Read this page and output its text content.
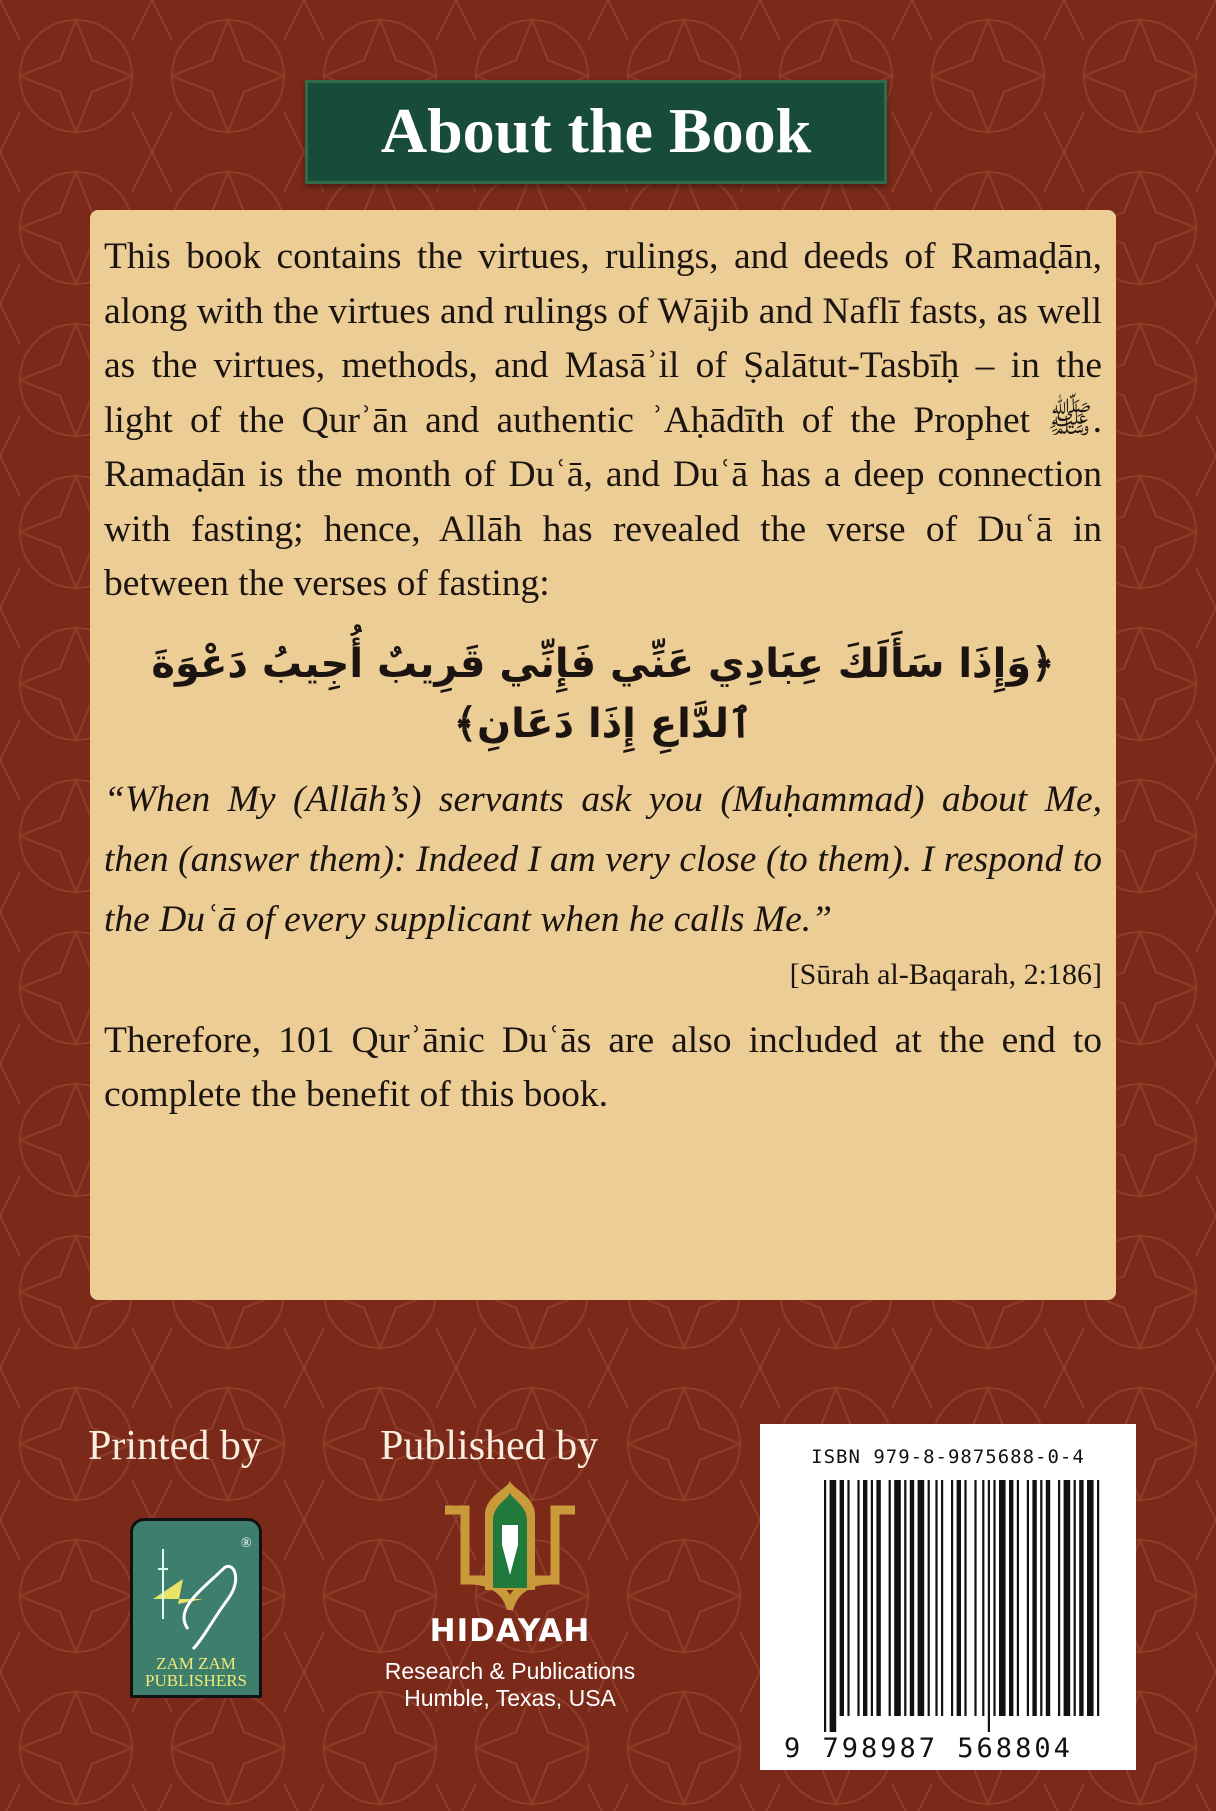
About the Book

This book contains the virtues, rulings, and deeds of Ramaḍān, along with the virtues and rulings of Wājib and Naflī fasts, as well as the virtues, methods, and Masāʾil of Ṣalātut-Tasbīḥ – in the light of the Qurʾān and authentic ʾAḥādīth of the Prophet ﷺ. Ramaḍān is the month of Duʿā, and Duʿā has a deep connection with fasting; hence, Allāh has revealed the verse of Duʿā in between the verses of fasting:

﴿وَإِذَا سَأَلَكَ عِبَادِي عَنِّي فَإِنِّي قَرِيبٌ أُجِيبُ دَعْوَةَ ٱلدَّاعِ إِذَا دَعَانِ﴾

“When My (Allāh’s) servants ask you (Muḥammad) about Me, then (answer them): Indeed I am very close (to them). I respond to the Duʿā of every supplicant when he calls Me.”

[Sūrah al-Baqarah, 2:186]

Therefore, 101 Qurʾānic Duʿās are also included at the end to complete the benefit of this book.

Printed by	Published by
®
ZAM ZAM PUBLISHERS
HIDAYAH
Research & Publications
Humble, Texas, USA
ISBN 979-8-9875688-0-4
9 798987 568804
